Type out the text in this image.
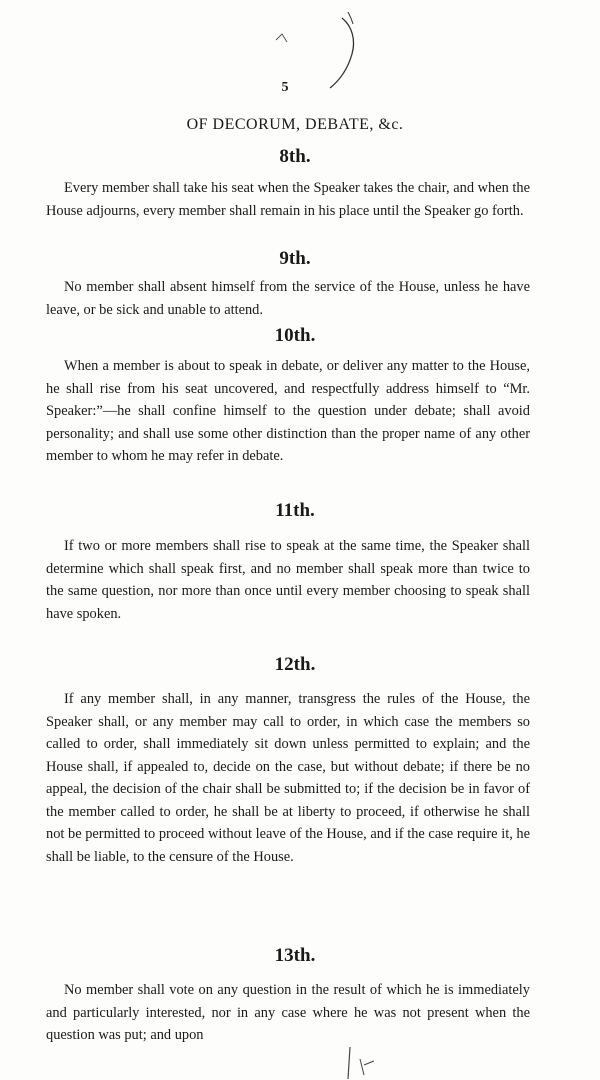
5
OF DECORUM, DEBATE, &c.
8th.

Every member shall take his seat when the Speaker takes the chair, and when the House adjourns, every member shall remain in his place until the Speaker go forth.

9th.

No member shall absent himself from the service of the House, unless he have leave, or be sick and unable to attend.

10th.

When a member is about to speak in debate, or deliver any matter to the House, he shall rise from his seat uncovered, and respectfully address himself to “Mr. Speaker:”—he shall confine himself to the question under debate; shall avoid personality; and shall use some other distinction than the proper name of any other member to whom he may refer in debate.

11th.

If two or more members shall rise to speak at the same time, the Speaker shall determine which shall speak first, and no member shall speak more than twice to the same question, nor more than once until every member choosing to speak shall have spoken.

12th.

If any member shall, in any manner, transgress the rules of the House, the Speaker shall, or any member may call to order, in which case the members so called to order, shall immediately sit down unless permitted to explain; and the House shall, if appealed to, decide on the case, but without debate; if there be no appeal, the decision of the chair shall be submitted to; if the decision be in favor of the member called to order, he shall be at liberty to proceed, if otherwise he shall not be permitted to proceed without leave of the House, and if the case require it, he shall be liable, to the censure of the House.

13th.

No member shall vote on any question in the result of which he is immediately and particularly interested, nor in any case where he was not present when the question was put; and upon
